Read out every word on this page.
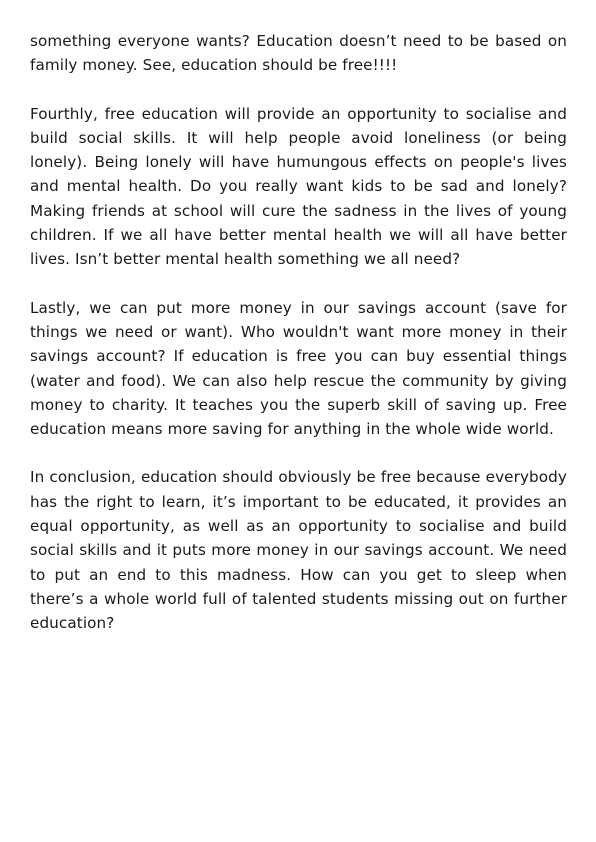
something everyone wants? Education doesn’t need to be based on family money. See, education should be free!!!!

Fourthly, free education will provide an opportunity to socialise and build social skills. It will help people avoid loneliness (or being lonely). Being lonely will have humungous effects on people's lives and mental health. Do you really want kids to be sad and lonely? Making friends at school will cure the sadness in the lives of young children. If we all have better mental health we will all have better lives. Isn’t better mental health something we all need?

Lastly, we can put more money in our savings account (save for things we need or want). Who wouldn't want more money in their savings account? If education is free you can buy essential things (water and food). We can also help rescue the community by giving money to charity. It teaches you the superb skill of saving up. Free education means more saving for anything in the whole wide world.

In conclusion, education should obviously be free because everybody has the right to learn, it’s important to be educated, it provides an equal opportunity, as well as an opportunity to socialise and build social skills and it puts more money in our savings account. We need to put an end to this madness. How can you get to sleep when there’s a whole world full of talented students missing out on further education?
